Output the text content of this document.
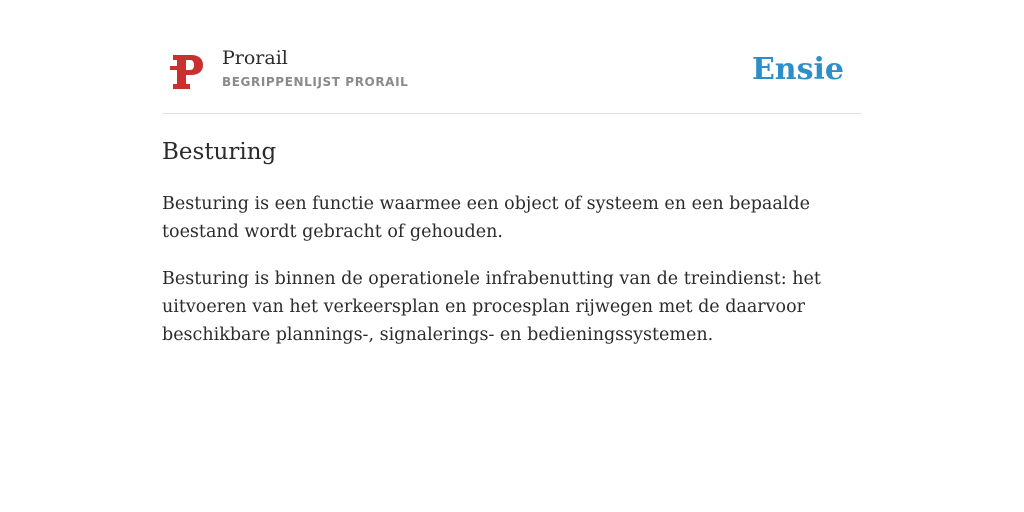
Prorail
BEGRIPPENLIJST PRORAIL	Ensie
Besturing

Besturing is een functie waarmee een object of systeem en een bepaalde toestand wordt gebracht of gehouden.

Besturing is binnen de operationele infrabenutting van de treindienst: het uitvoeren van het verkeersplan en procesplan rijwegen met de daarvoor beschikbare plannings-, signalerings- en bedieningssystemen.
